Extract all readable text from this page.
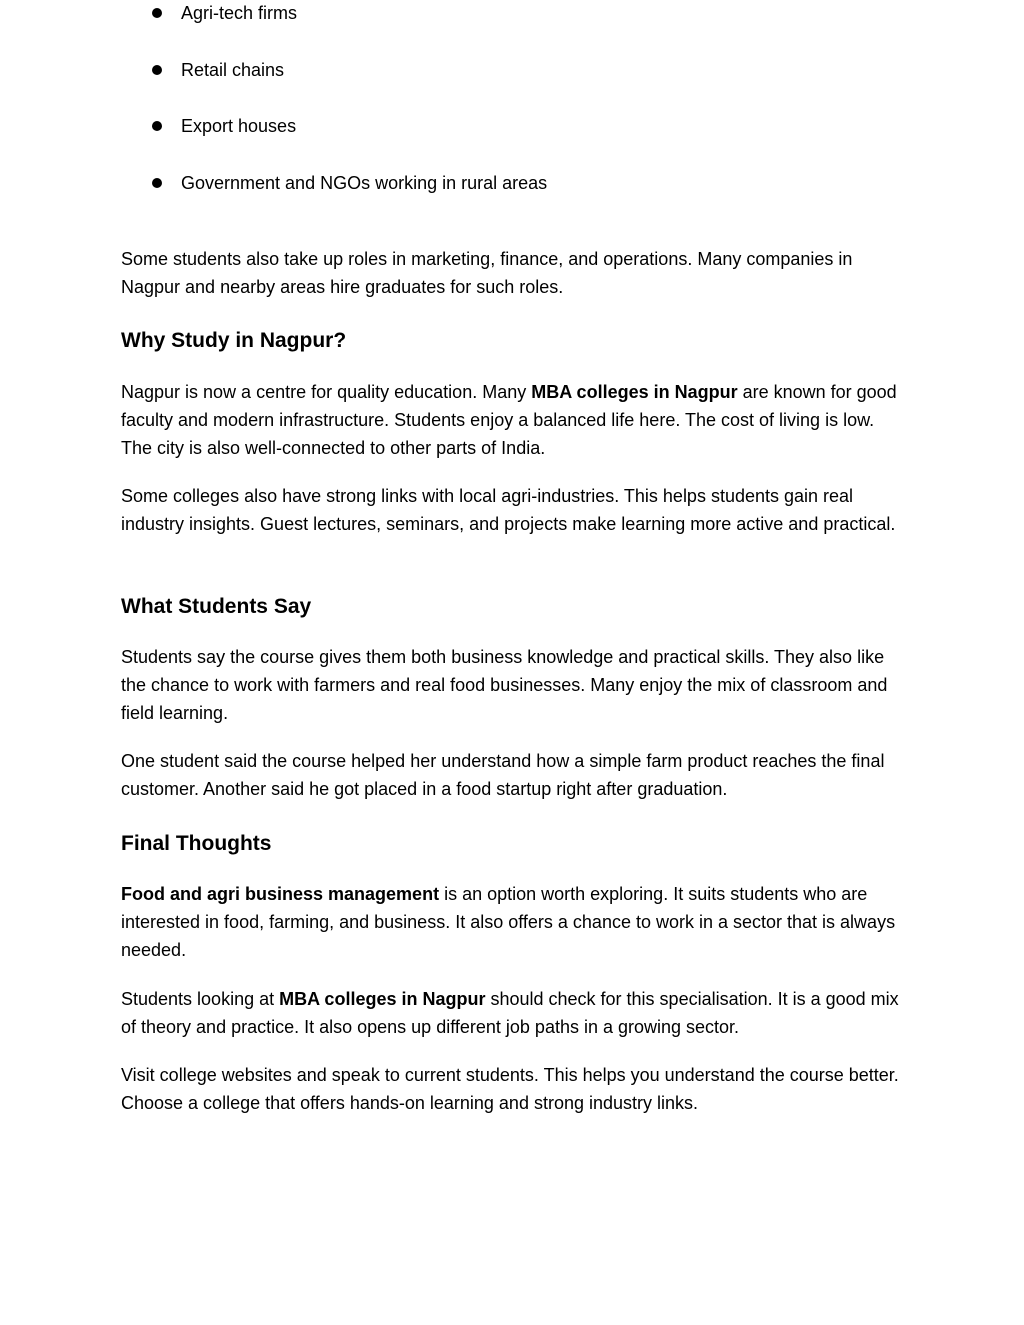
Agri-tech firms
Retail chains
Export houses
Government and NGOs working in rural areas

Some students also take up roles in marketing, finance, and operations. Many companies in Nagpur and nearby areas hire graduates for such roles.

Why Study in Nagpur?

Nagpur is now a centre for quality education. Many MBA colleges in Nagpur are known for good faculty and modern infrastructure. Students enjoy a balanced life here. The cost of living is low. The city is also well-connected to other parts of India.

Some colleges also have strong links with local agri-industries. This helps students gain real industry insights. Guest lectures, seminars, and projects make learning more active and practical.

What Students Say

Students say the course gives them both business knowledge and practical skills. They also like the chance to work with farmers and real food businesses. Many enjoy the mix of classroom and field learning.

One student said the course helped her understand how a simple farm product reaches the final customer. Another said he got placed in a food startup right after graduation.

Final Thoughts

Food and agri business management is an option worth exploring. It suits students who are interested in food, farming, and business. It also offers a chance to work in a sector that is always needed.

Students looking at MBA colleges in Nagpur should check for this specialisation. It is a good mix of theory and practice. It also opens up different job paths in a growing sector.

Visit college websites and speak to current students. This helps you understand the course better. Choose a college that offers hands-on learning and strong industry links.
